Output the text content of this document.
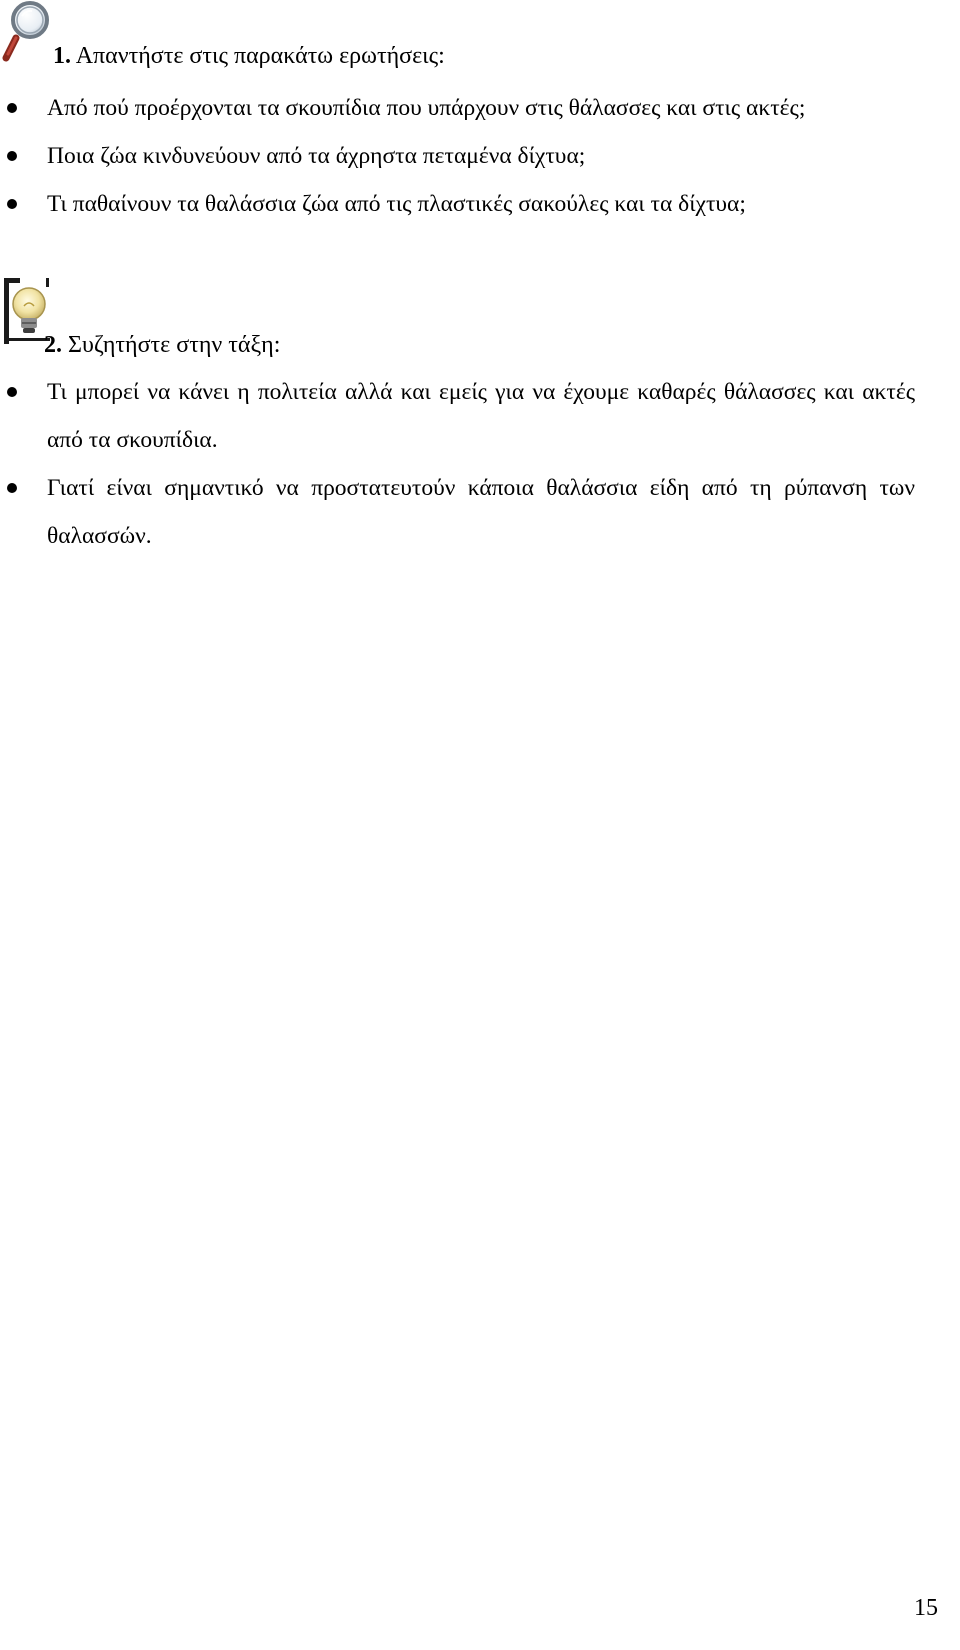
1. Απαντήστε στις παρακάτω ερωτήσεις:
Από πού προέρχονται τα σκουπίδια που υπάρχουν στις θάλασσες και στις ακτές;
Ποια ζώα κινδυνεύουν από τα άχρηστα πεταμένα δίχτυα;
Τι παθαίνουν τα θαλάσσια ζώα από τις πλαστικές σακούλες και τα δίχτυα;
2. Συζητήστε στην τάξη:
Τι μπορεί να κάνει η πολιτεία αλλά και εμείς για να έχουμε καθαρές θάλασσες και ακτές από τα σκουπίδια.
Γιατί είναι σημαντικό να προστατευτούν κάποια θαλάσσια είδη από τη ρύπανση των θαλασσών.
15
